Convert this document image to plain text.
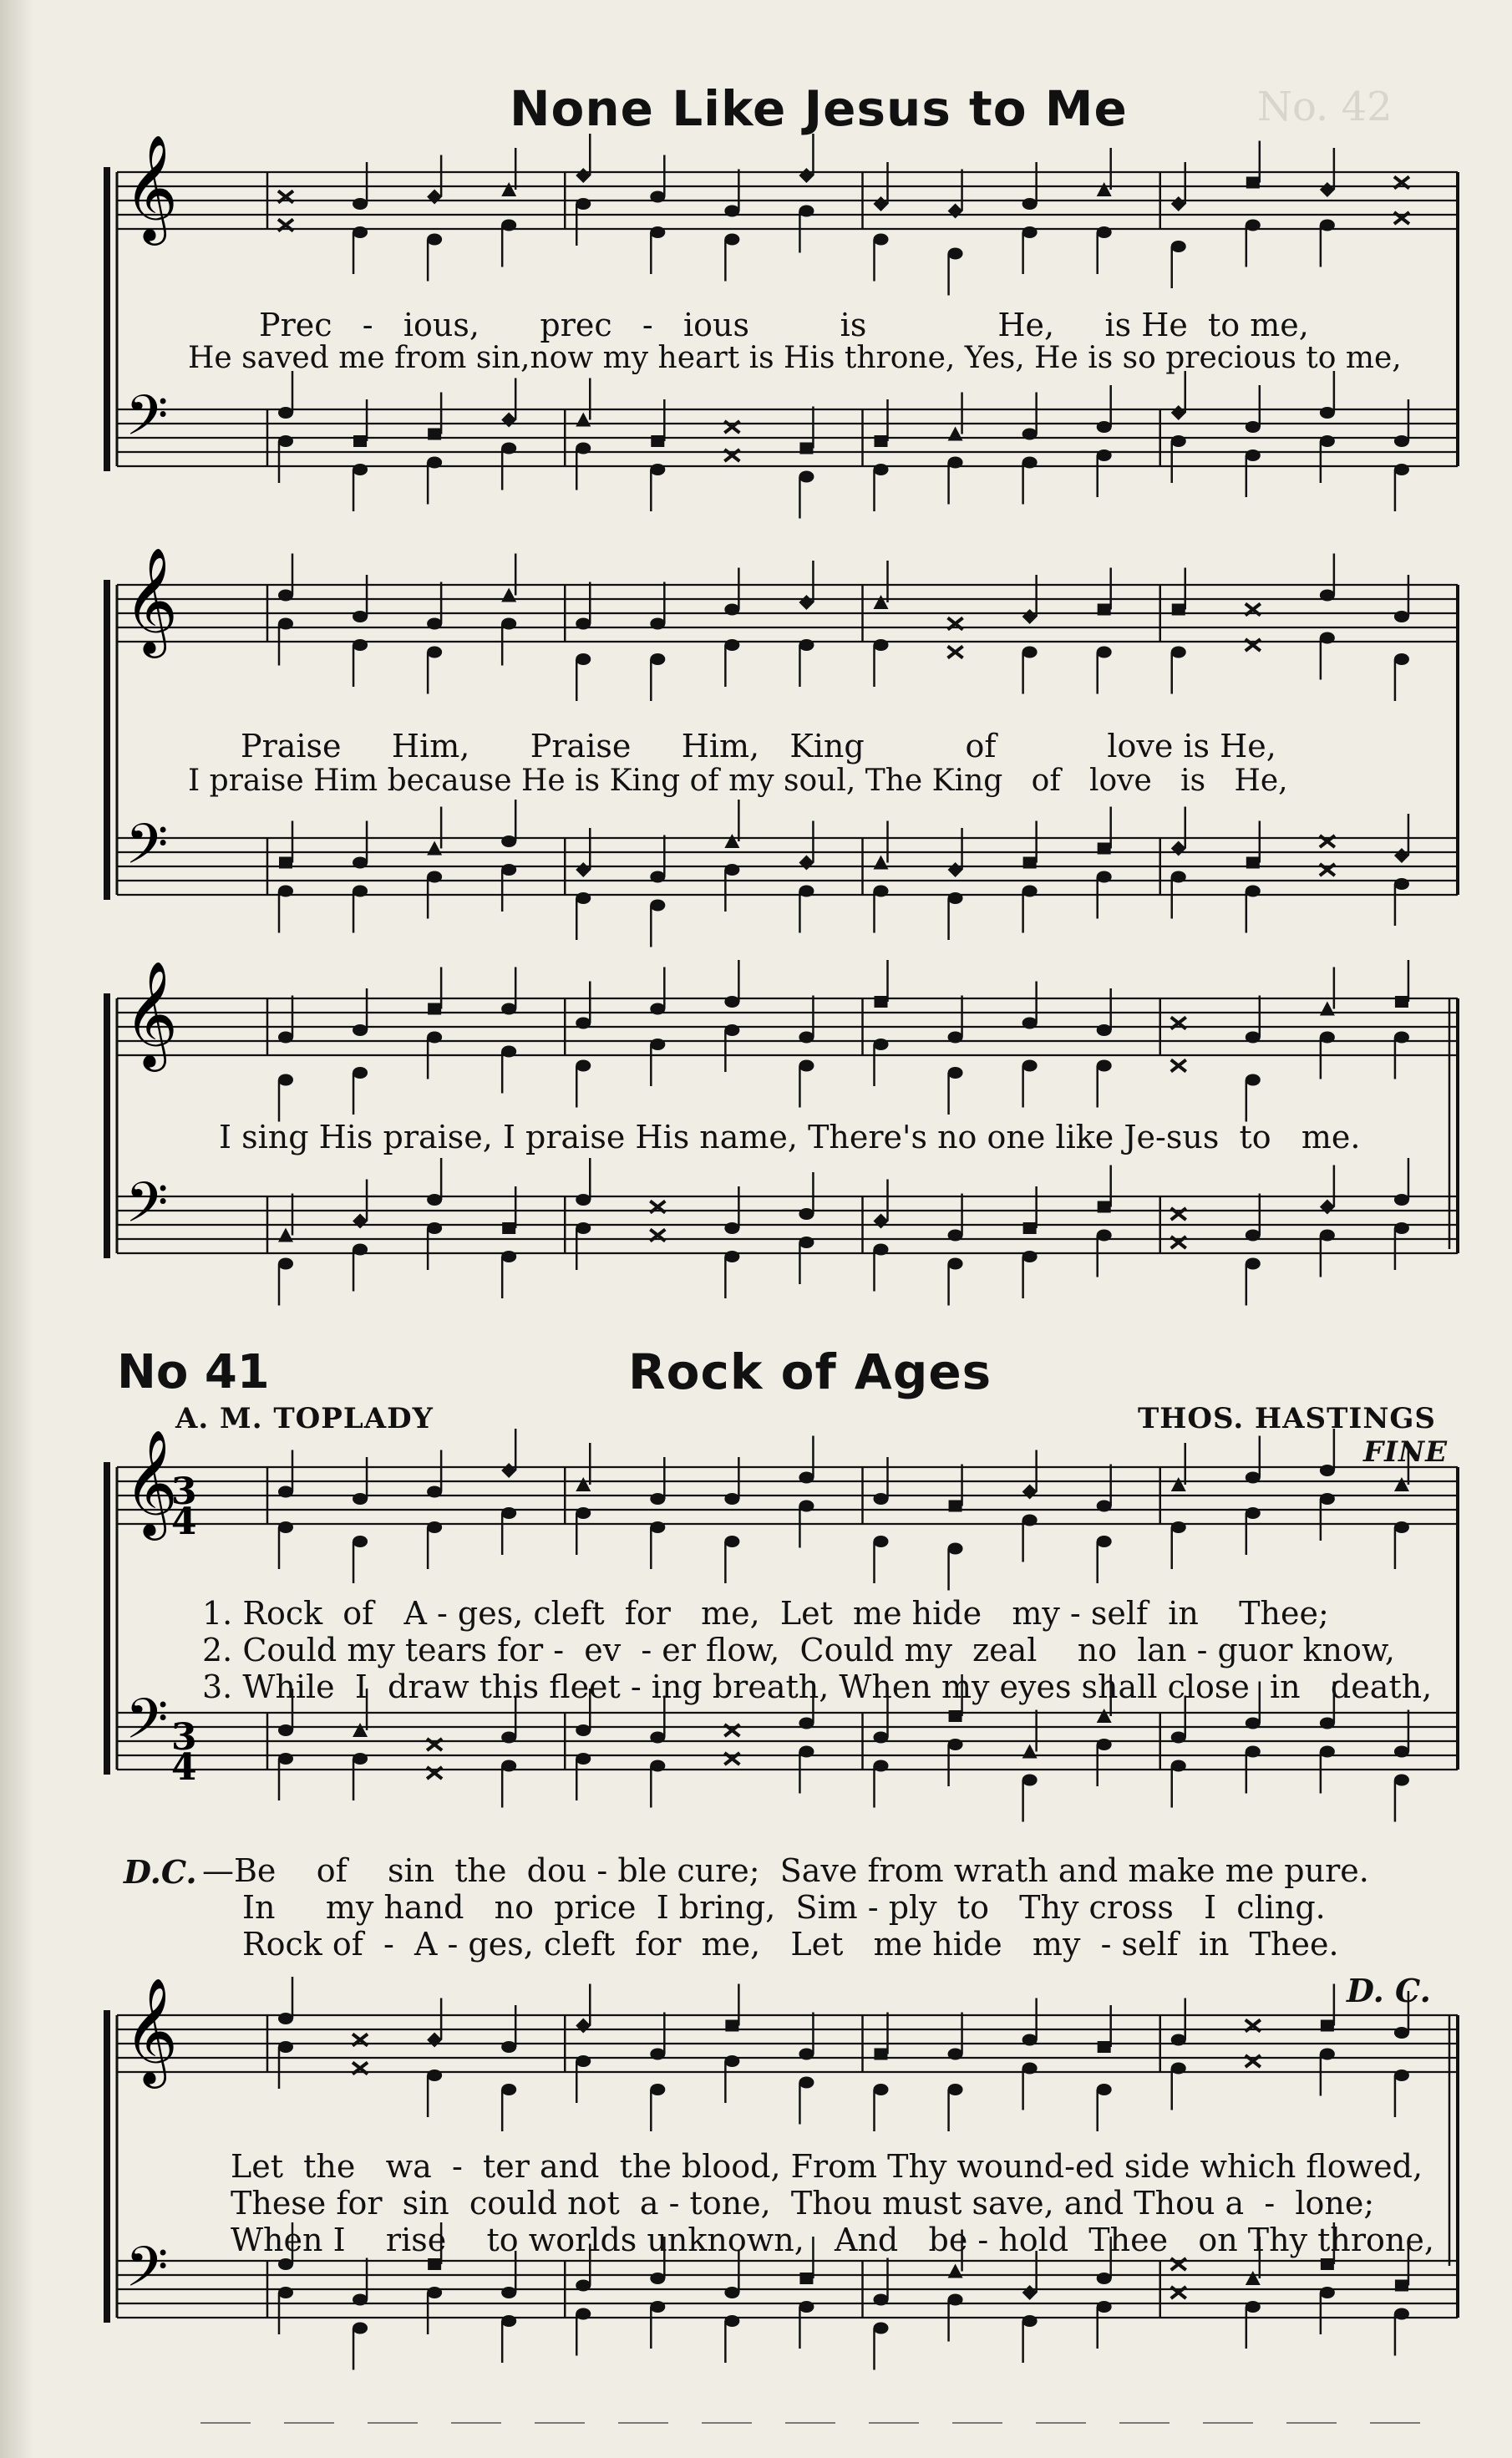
𝄞
𝄢
𝄞
𝄢
𝄞
𝄢
𝄞
𝄢
𝄞
𝄢
3
4
3
4
None Like Jesus to Me	No. 42
Prec   -   ious,      prec   -   ious         is             He,     is He  to me,
He saved me from sin,now my heart is His throne, Yes, He is so precious to me,
Praise     Him,      Praise     Him,   King          of           love is He,
I praise Him because He is King of my soul, The King   of   love   is   He,
I sing His praise, I praise His name, There's no one like Je-sus  to   me.
No 41	Rock of Ages
A. M. TOPLADY	THOS. HASTINGS
FINE
1. Rock  of   A - ges, cleft  for   me,  Let  me hide   my - self  in    Thee;
2. Could my tears for -  ev  - er flow,  Could my  zeal    no  lan - guor know,
3. While  I  draw this fleet - ing breath, When my eyes shall close  in   death,
D.C. —Be    of    sin  the  dou - ble cure;  Save from wrath and make me pure.
In     my hand   no  price  I bring,  Sim - ply  to   Thy cross   I  cling.
Rock of  -  A - ges, cleft  for  me,   Let   me hide   my  - self  in  Thee.
D. C.
Let  the   wa  -  ter and  the blood, From Thy wound-ed side which flowed,
These for  sin  could not  a - tone,  Thou must save, and Thou a  -  lone;
When I    rise    to worlds unknown,   And   be - hold  Thee   on Thy throne,
